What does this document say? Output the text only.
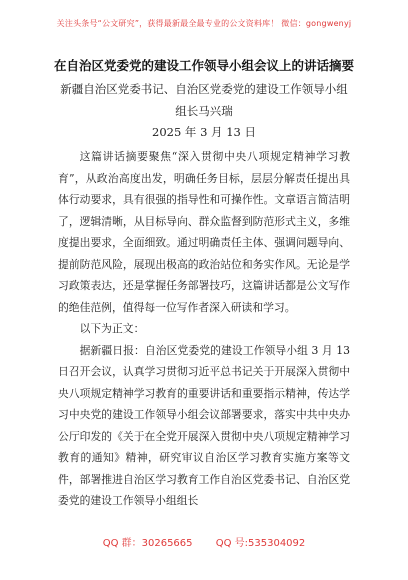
关注头条号“公文研究”，获得最新最全最专业的公文资料库！ 微信：gongwenyj
在自治区党委党的建设工作领导小组会议上的讲话摘要
新疆自治区党委书记、自治区党委党的建设工作领导小组组长马兴瑞
2025 年 3 月 13 日

这篇讲话摘要聚焦“深入贯彻中央八项规定精神学习教育”，从政治高度出发，明确任务目标，层层分解责任提出具体行动要求，具有很强的指导性和可操作性。文章语言简洁明了，逻辑清晰，从目标导向、群众监督到防范形式主义，多维度提出要求，全面细致。通过明确责任主体、强调问题导向、提前防范风险，展现出极高的政治站位和务实作风。无论是学习政策表达，还是掌握任务部署技巧，这篇讲话都是公文写作的绝佳范例，值得每一位写作者深入研读和学习。

以下为正文：

据新疆日报：自治区党委党的建设工作领导小组 3 月 13 日召开会议，认真学习贯彻习近平总书记关于开展深入贯彻中央八项规定精神学习教育的重要讲话和重要指示精神，传达学习中央党的建设工作领导小组会议部署要求，落实中共中央办公厅印发的《关于在全党开展深入贯彻中央八项规定精神学习教育的通知》精神，研究审议自治区学习教育实施方案等文件，部署推进自治区学习教育工作自治区党委书记、自治区党委党的建设工作领导小组组长

QQ 群：30265665 QQ 号:535304092
